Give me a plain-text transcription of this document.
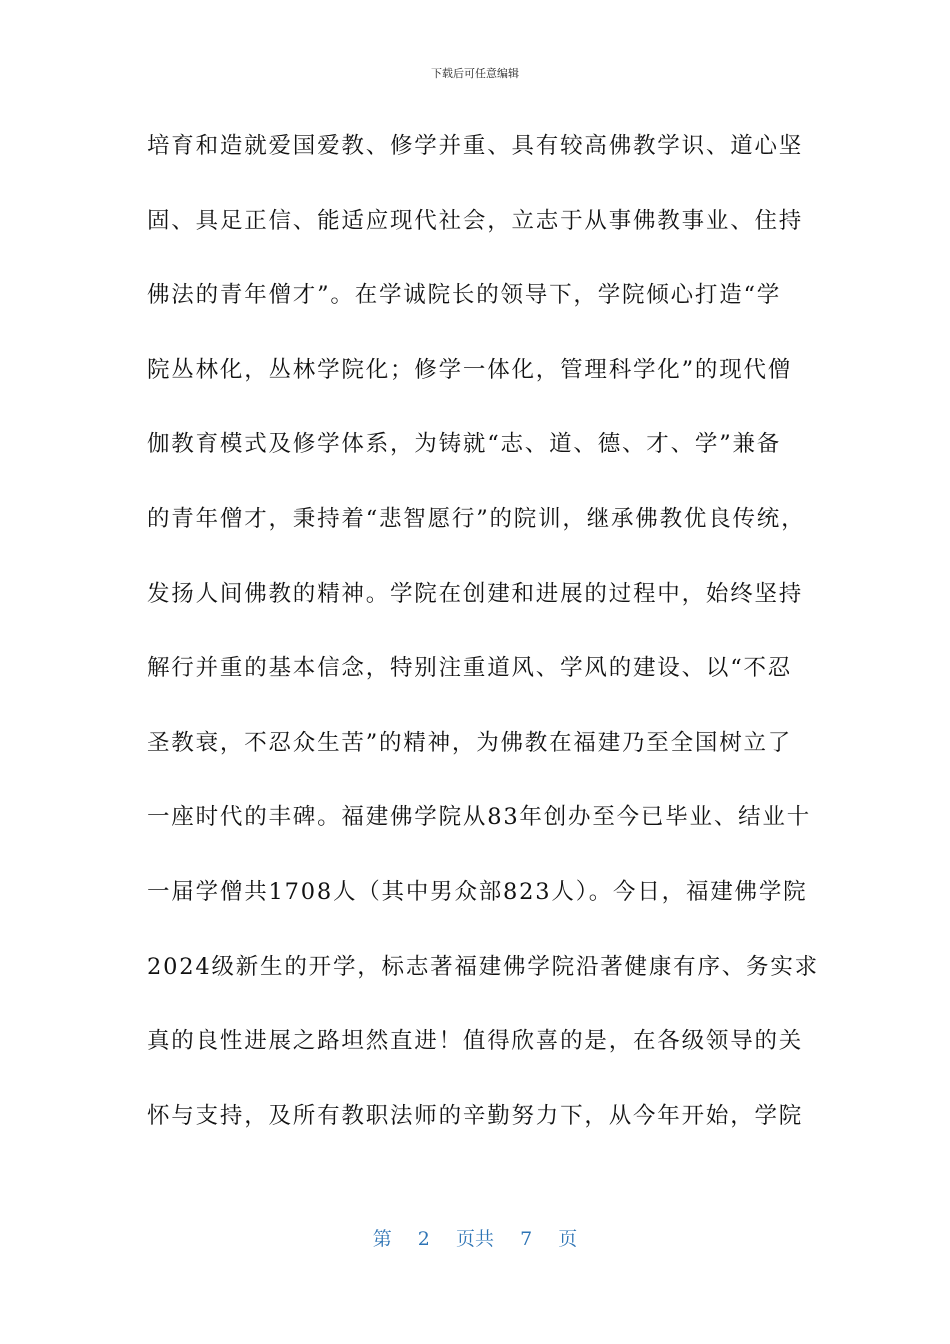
下载后可任意编辑
培育和造就爱国爱教、修学并重、具有较高佛教学识、道心坚
固、具足正信、能适应现代社会，立志于从事佛教事业、住持
佛法的青年僧才”。在学诚院长的领导下，学院倾心打造“学
院丛林化，丛林学院化；修学一体化，管理科学化”的现代僧
伽教育模式及修学体系，为铸就“志、道、德、才、学”兼备
的青年僧才，秉持着“悲智愿行”的院训，继承佛教优良传统，
发扬人间佛教的精神。学院在创建和进展的过程中，始终坚持
解行并重的基本信念，特别注重道风、学风的建设、以“不忍
圣教衰，不忍众生苦”的精神，为佛教在福建乃至全国树立了
一座时代的丰碑。福建佛学院从83年创办至今已毕业、结业十
一届学僧共1708人（其中男众部823人）。今日，福建佛学院
2024级新生的开学，标志著福建佛学院沿著健康有序、务实求
真的良性进展之路坦然直进！值得欣喜的是，在各级领导的关
怀与支持，及所有教职法师的辛勤努力下，从今年开始，学院
第 2 页共 7 页
